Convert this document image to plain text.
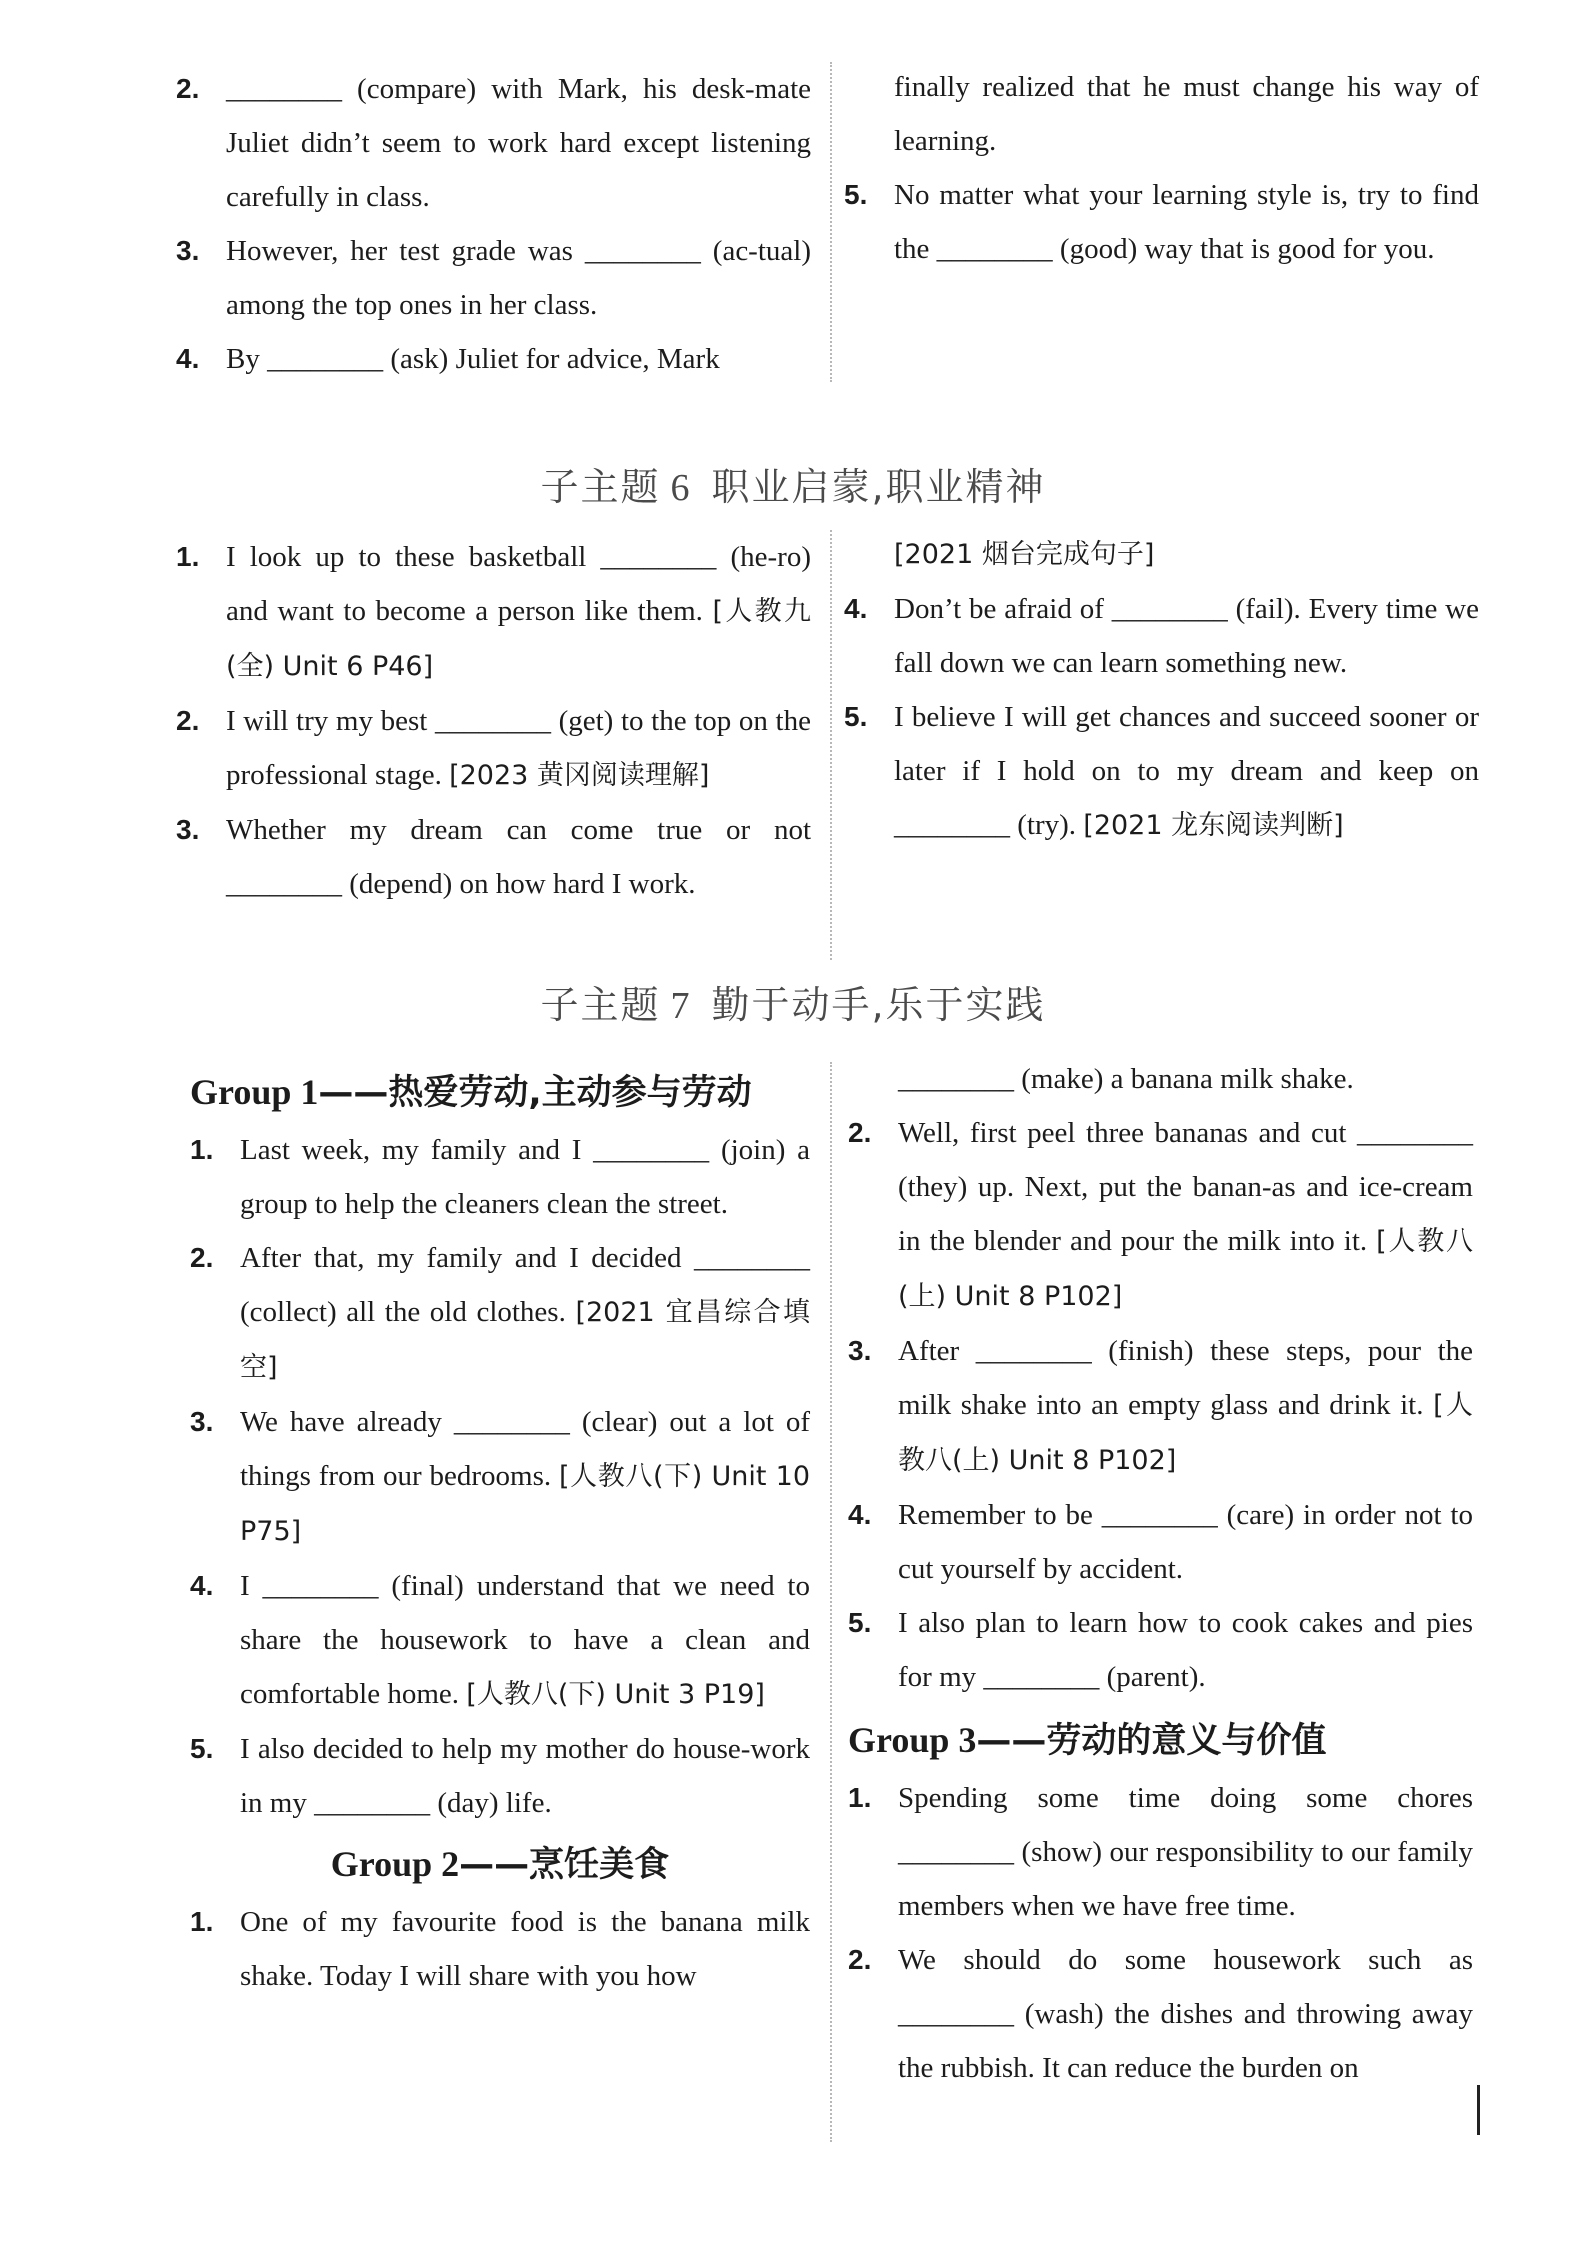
2. ________ (compare) with Mark, his desk-mate Juliet didn’t seem to work hard except listening carefully in class.
3. However, her test grade was ________ (ac-tual) among the top ones in her class.
4. By ________ (ask) Juliet for advice, Mark
finally realized that he must change his way of learning.
5. No matter what your learning style is, try to find the ________ (good) way that is good for you.
子主题 6 职业启蒙,职业精神
1. I look up to these basketball ________ (he-ro) and want to become a person like them. [人教九(全) Unit 6 P46]
2. I will try my best ________ (get) to the top on the professional stage. [2023 黄冈阅读理解]
3. Whether my dream can come true or not ________ (depend) on how hard I work.
[2021 烟台完成句子]
4. Don’t be afraid of ________ (fail). Every time we fall down we can learn something new.
5. I believe I will get chances and succeed sooner or later if I hold on to my dream and keep on ________ (try). [2021 龙东阅读判断]
子主题 7 勤于动手,乐于实践
Group 1——热爱劳动,主动参与劳动
1. Last week, my family and I ________ (join) a group to help the cleaners clean the street.
2. After that, my family and I decided ________ (collect) all the old clothes. [2021 宜昌综合填空]
3. We have already ________ (clear) out a lot of things from our bedrooms. [人教八(下) Unit 10 P75]
4. I ________ (final) understand that we need to share the housework to have a clean and comfortable home. [人教八(下) Unit 3 P19]
5. I also decided to help my mother do house-work in my ________ (day) life.
Group 2——烹饪美食
1. One of my favourite food is the banana milk shake. Today I will share with you how
________ (make) a banana milk shake.
2. Well, first peel three bananas and cut ________ (they) up. Next, put the banan-as and ice-cream in the blender and pour the milk into it. [人教八(上) Unit 8 P102]
3. After ________ (finish) these steps, pour the milk shake into an empty glass and drink it. [人教八(上) Unit 8 P102]
4. Remember to be ________ (care) in order not to cut yourself by accident.
5. I also plan to learn how to cook cakes and pies for my ________ (parent).
Group 3——劳动的意义与价值
1. Spending some time doing some chores ________ (show) our responsibility to our family members when we have free time.
2. We should do some housework such as ________ (wash) the dishes and throwing away the rubbish. It can reduce the burden on
